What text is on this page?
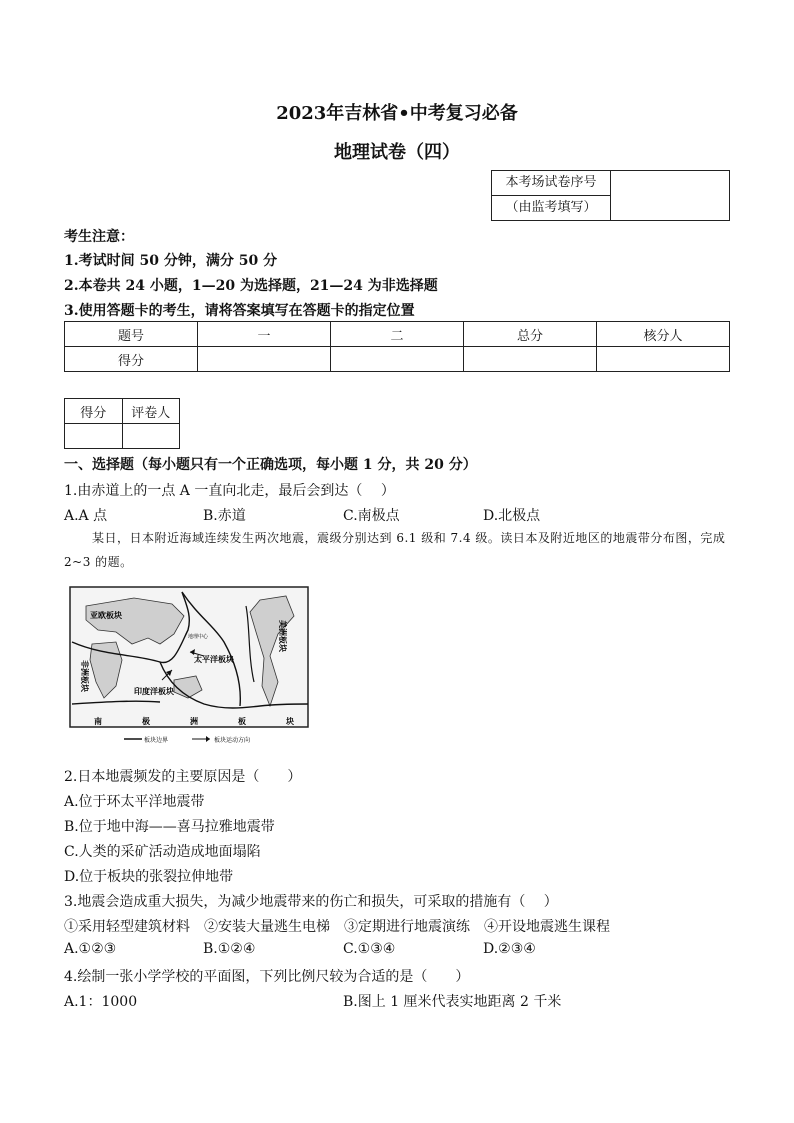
2023年吉林省•中考复习必备
地理试卷（四）
本考场试卷序号	
（由监考填写）
考生注意：
1.考试时间 50 分钟，满分 50 分
2.本卷共 24 小题，1—20 为选择题，21—24 为非选择题
3.使用答题卡的考生，请将答案填写在答题卡的指定位置
题号	一	二	总分	核分人
得分				
得分	评卷人

一、选择题（每小题只有一个正确选项，每小题 1 分，共 20 分）
1.由赤道上的一点 A 一直向北走，最后会到达（　 ）
A.A 点	B.赤道	C.南极点	D.北极点
某日，日本附近海域连续发生两次地震，震级分别达到 6.1 级和 7.4 级。读日本及附近地区的地震带分布图，完成 2~3 的题。
亚欧板块
非洲板块	印度洋板块
太平洋板块
美洲板块
地理中心
南	极	洲	板	块
板块边界	板块运动方向
2.日本地震频发的主要原因是（　　）
A.位于环太平洋地震带
B.位于地中海——喜马拉雅地震带
C.人类的采矿活动造成地面塌陷
D.位于板块的张裂拉伸地带
3.地震会造成重大损失，为减少地震带来的伤亡和损失，可采取的措施有（　 ）
①采用轻型建筑材料　②安装大量逃生电梯　③定期进行地震演练　④开设地震逃生课程
A.①②③	B.①②④	C.①③④	D.②③④
4.绘制一张小学学校的平面图，下列比例尺较为合适的是（　　）
A.1：1000	B.图上 1 厘米代表实地距离 2 千米
